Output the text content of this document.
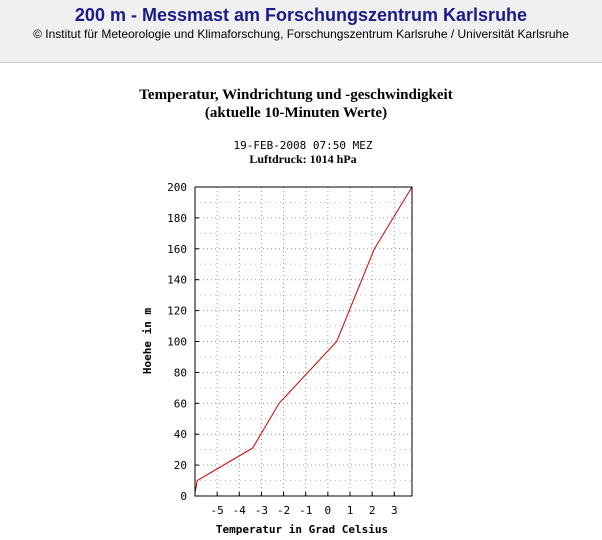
200 m - Messmast am Forschungszentrum Karlsruhe
© Institut für Meteorologie und Klimaforschung, Forschungszentrum Karlsruhe / Universität Karlsruhe
Temperatur, Windrichtung und -geschwindigkeit
(aktuelle 10-Minuten Werte)
19-FEB-2008 07:50 MEZ
Luftdruck: 1014 hPa
-5 -4 -3 -2 -1 0 1 2 3
0
20
40
60
80
100
120
140
160
180
200
Temperatur in Grad Celsius
Hoehe in m
